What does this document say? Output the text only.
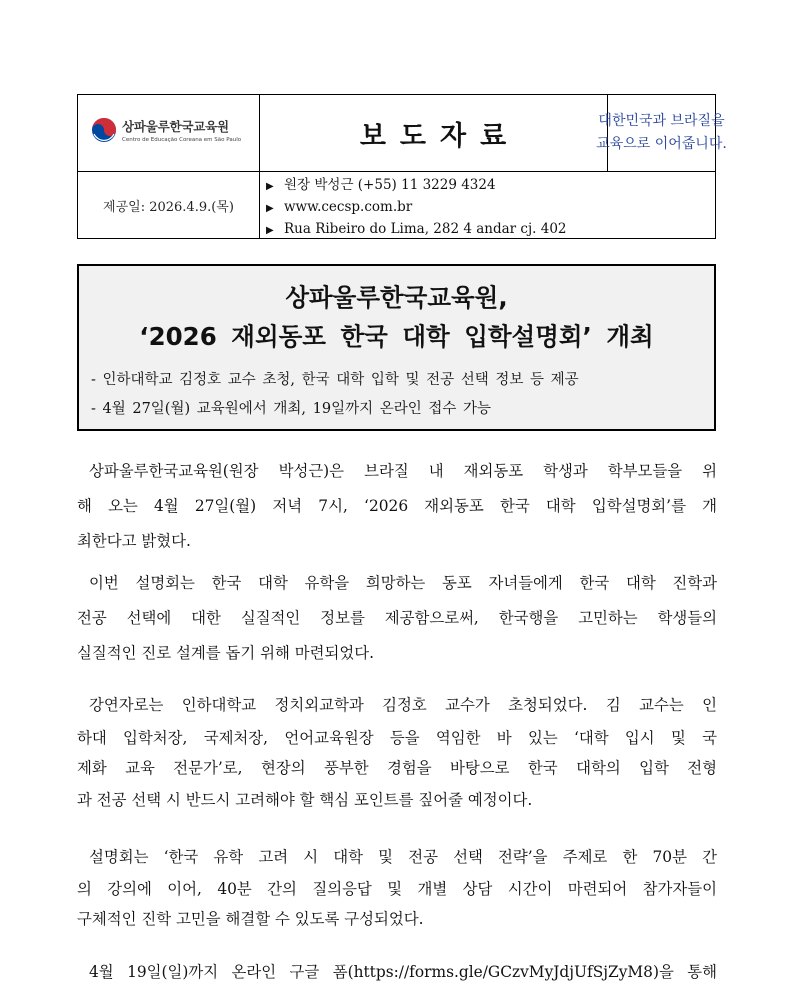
상파울루한국교육원
Centro de Educação Coreana em São Paulo	보도자료	대한민국과 브라질을
교육으로 이어줍니다.
제공일: 2026.4.9.(목)
▶ 원장 박성근 (+55) 11 3229 4324
▶ www.cecsp.com.br
▶ Rua Ribeiro do Lima, 282 4 andar cj. 402
상파울루한국교육원,
‘2026 재외동포 한국 대학 입학설명회’ 개최
- 인하대학교 김정호 교수 초청, 한국 대학 입학 및 전공 선택 정보 등 제공
- 4월 27일(월) 교육원에서 개최, 19일까지 온라인 접수 가능
상파울루한국교육원(원장 박성근)은 브라질 내 재외동포 학생과 학부모들을 위
해 오는 4월 27일(월) 저녁 7시, ‘2026 재외동포 한국 대학 입학설명회’를 개
최한다고 밝혔다.
이번 설명회는 한국 대학 유학을 희망하는 동포 자녀들에게 한국 대학 진학과
전공 선택에 대한 실질적인 정보를 제공함으로써, 한국행을 고민하는 학생들의
실질적인 진로 설계를 돕기 위해 마련되었다.
강연자로는 인하대학교 정치외교학과 김정호 교수가 초청되었다. 김 교수는 인
하대 입학처장, 국제처장, 언어교육원장 등을 역임한 바 있는 ‘대학 입시 및 국
제화 교육 전문가’로, 현장의 풍부한 경험을 바탕으로 한국 대학의 입학 전형
과 전공 선택 시 반드시 고려해야 할 핵심 포인트를 짚어줄 예정이다.
설명회는 ‘한국 유학 고려 시 대학 및 전공 선택 전략’을 주제로 한 70분 간
의 강의에 이어, 40분 간의 질의응답 및 개별 상담 시간이 마련되어 참가자들이
구체적인 진학 고민을 해결할 수 있도록 구성되었다.
4월 19일(일)까지 온라인 구글 폼(https://forms.gle/GCzvMyJdjUfSjZyM8)을 통해
